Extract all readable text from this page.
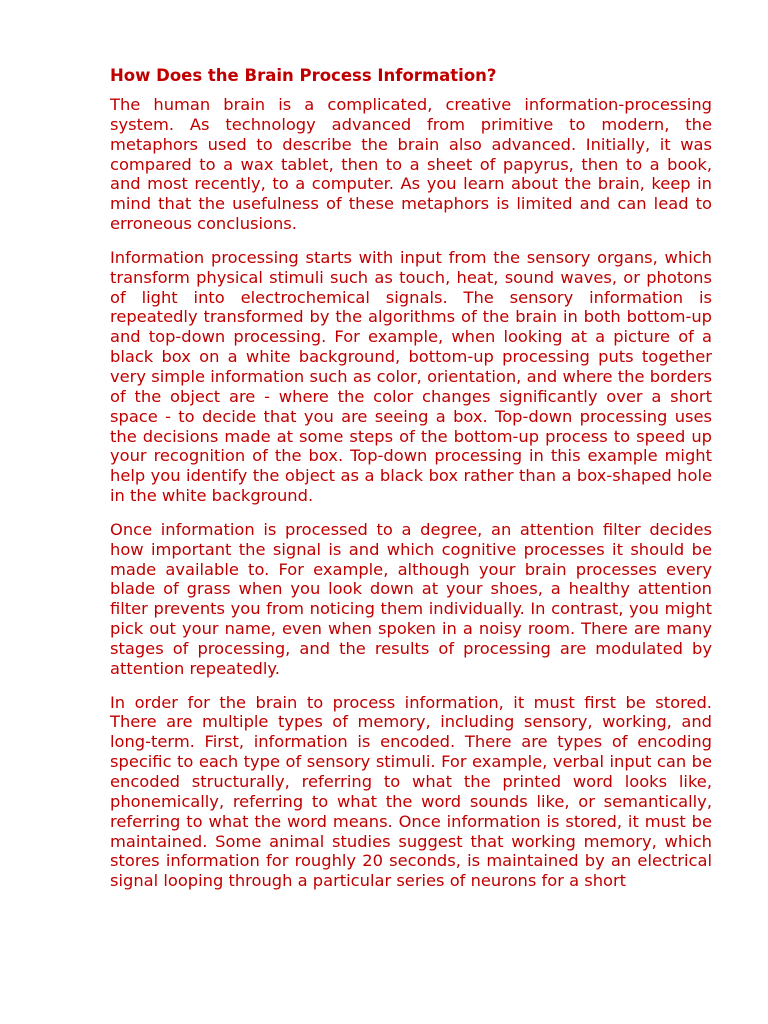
How Does the Brain Process Information?

The human brain is a complicated, creative information-processing system. As technology advanced from primitive to modern, the metaphors used to describe the brain also advanced. Initially, it was compared to a wax tablet, then to a sheet of papyrus, then to a book, and most recently, to a computer. As you learn about the brain, keep in mind that the usefulness of these metaphors is limited and can lead to erroneous conclusions.

Information processing starts with input from the sensory organs, which transform physical stimuli such as touch, heat, sound waves, or photons of light into electrochemical signals. The sensory information is repeatedly transformed by the algorithms of the brain in both bottom-up and top-down processing. For example, when looking at a picture of a black box on a white background, bottom-up processing puts together very simple information such as color, orientation, and where the borders of the object are - where the color changes significantly over a short space - to decide that you are seeing a box. Top-down processing uses the decisions made at some steps of the bottom-up process to speed up your recognition of the box. Top-down processing in this example might help you identify the object as a black box rather than a box-shaped hole in the white background.

Once information is processed to a degree, an attention filter decides how important the signal is and which cognitive processes it should be made available to. For example, although your brain processes every blade of grass when you look down at your shoes, a healthy attention filter prevents you from noticing them individually. In contrast, you might pick out your name, even when spoken in a noisy room. There are many stages of processing, and the results of processing are modulated by attention repeatedly.

In order for the brain to process information, it must first be stored. There are multiple types of memory, including sensory, working, and long-term. First, information is encoded. There are types of encoding specific to each type of sensory stimuli. For example, verbal input can be encoded structurally, referring to what the printed word looks like, phonemically, referring to what the word sounds like, or semantically, referring to what the word means. Once information is stored, it must be maintained. Some animal studies suggest that working memory, which stores information for roughly 20 seconds, is maintained by an electrical signal looping through a particular series of neurons for a short
